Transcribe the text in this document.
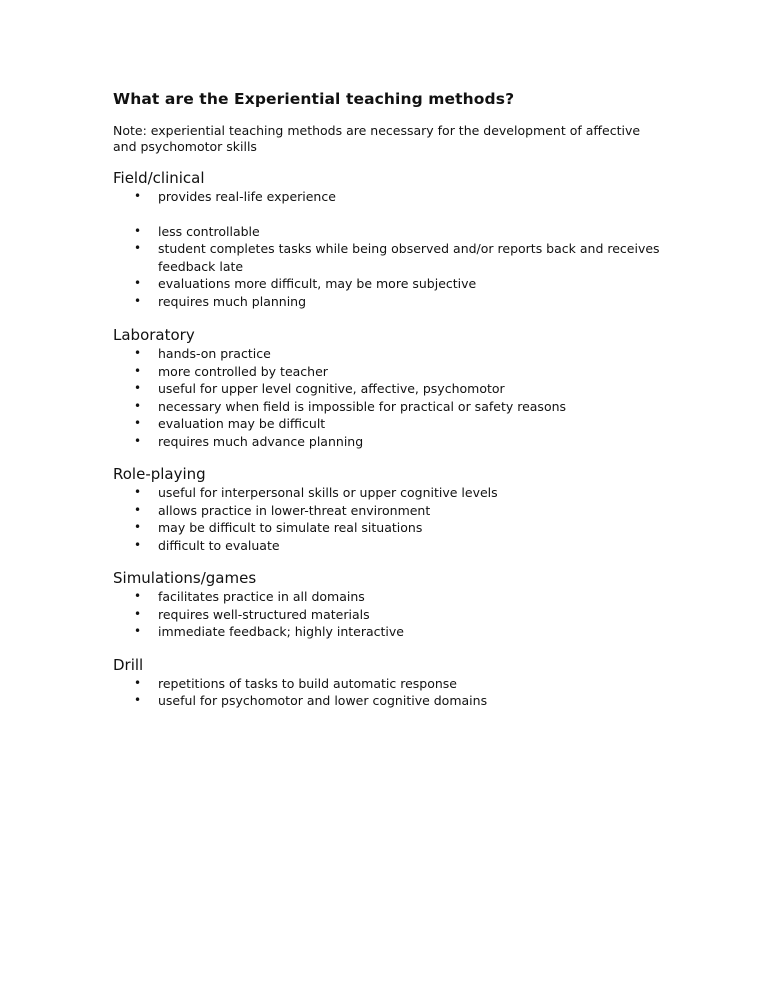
What are the Experiential teaching methods?

Note: experiential teaching methods are necessary for the development of affective and psychomotor skills

Field/clinical
• provides real-life experience
• less controllable
• student completes tasks while being observed and/or reports back and receives feedback late
• evaluations more difficult, may be more subjective
• requires much planning
Laboratory
• hands-on practice
• more controlled by teacher
• useful for upper level cognitive, affective, psychomotor
• necessary when field is impossible for practical or safety reasons
• evaluation may be difficult
• requires much advance planning
Role-playing
• useful for interpersonal skills or upper cognitive levels
• allows practice in lower-threat environment
• may be difficult to simulate real situations
• difficult to evaluate
Simulations/games
• facilitates practice in all domains
• requires well-structured materials
• immediate feedback; highly interactive
Drill
• repetitions of tasks to build automatic response
• useful for psychomotor and lower cognitive domains
